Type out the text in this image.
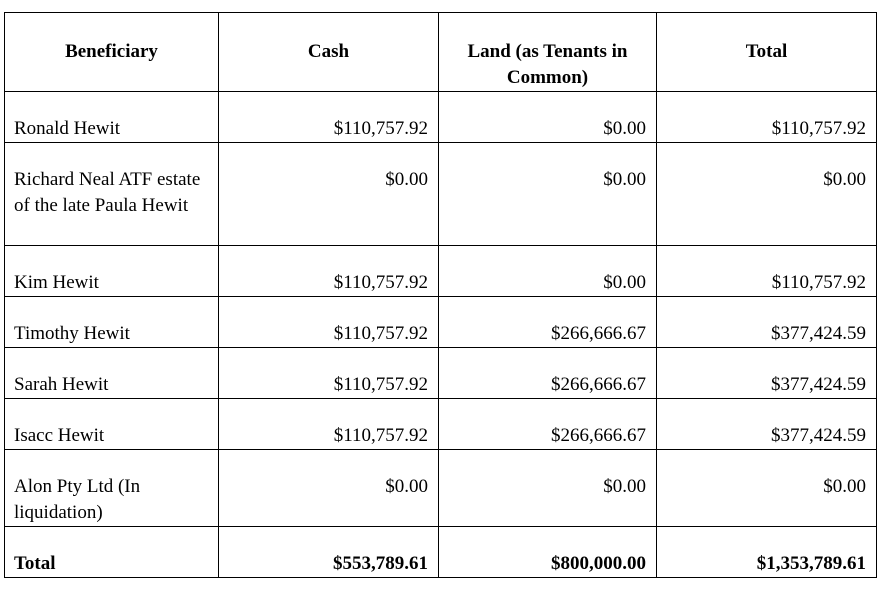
Beneficiary	Cash	Land (as Tenants in Common)	Total
Ronald Hewit	$110,757.92	$0.00	$110,757.92
Richard Neal ATF estate of the late Paula Hewit	$0.00	$0.00	$0.00
Kim Hewit	$110,757.92	$0.00	$110,757.92
Timothy Hewit	$110,757.92	$266,666.67	$377,424.59
Sarah Hewit	$110,757.92	$266,666.67	$377,424.59
Isacc Hewit	$110,757.92	$266,666.67	$377,424.59
Alon Pty Ltd (In liquidation)	$0.00	$0.00	$0.00
Total	$553,789.61	$800,000.00	$1,353,789.61
